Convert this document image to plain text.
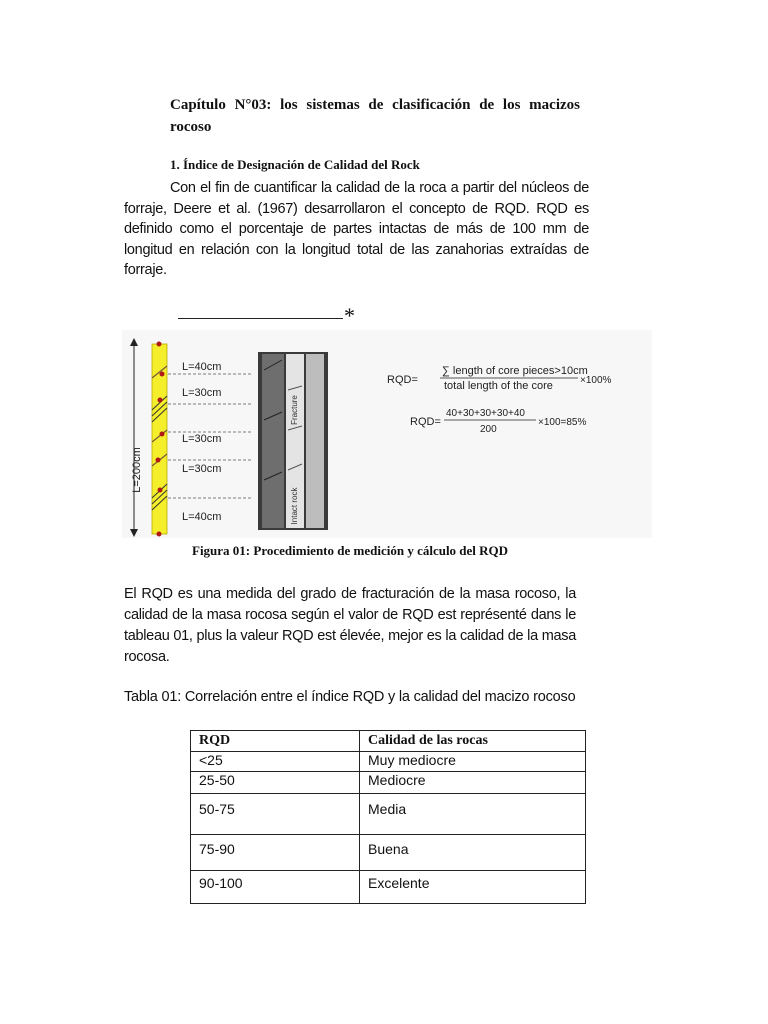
Capítulo N°03: los sistemas de clasificación de los macizos rocoso
1. Índice de Designación de Calidad del Rock
Con el fin de cuantificar la calidad de la roca a partir del núcleos de forraje, Deere et al. (1967) desarrollaron el concepto de RQD. RQD es definido como el porcentaje de partes intactas de más de 100 mm de longitud en relación con la longitud total de las zanahorias extraídas de forraje.
*
L=200cm
L=40cm
L=30cm
L=30cm
L=30cm
L=40cm
Fracture
Intact rock
RQD=
∑ length of core pieces>10cm
total length of the core	×100%
RQD=
40+30+30+30+40
200
×100=85%
Figura 01: Procedimiento de medición y cálculo del RQD
El RQD es una medida del grado de fracturación de la masa rocoso, la calidad de la masa rocosa según el valor de RQD est représenté dans le tableau 01, plus la valeur RQD est élevée, mejor es la calidad de la masa rocosa.
Tabla 01: Correlación entre el índice RQD y la calidad del macizo rocoso
RQD	Calidad de las rocas
<25	Muy mediocre
25-50	Mediocre
50-75	Media
75-90	Buena
90-100	Excelente
